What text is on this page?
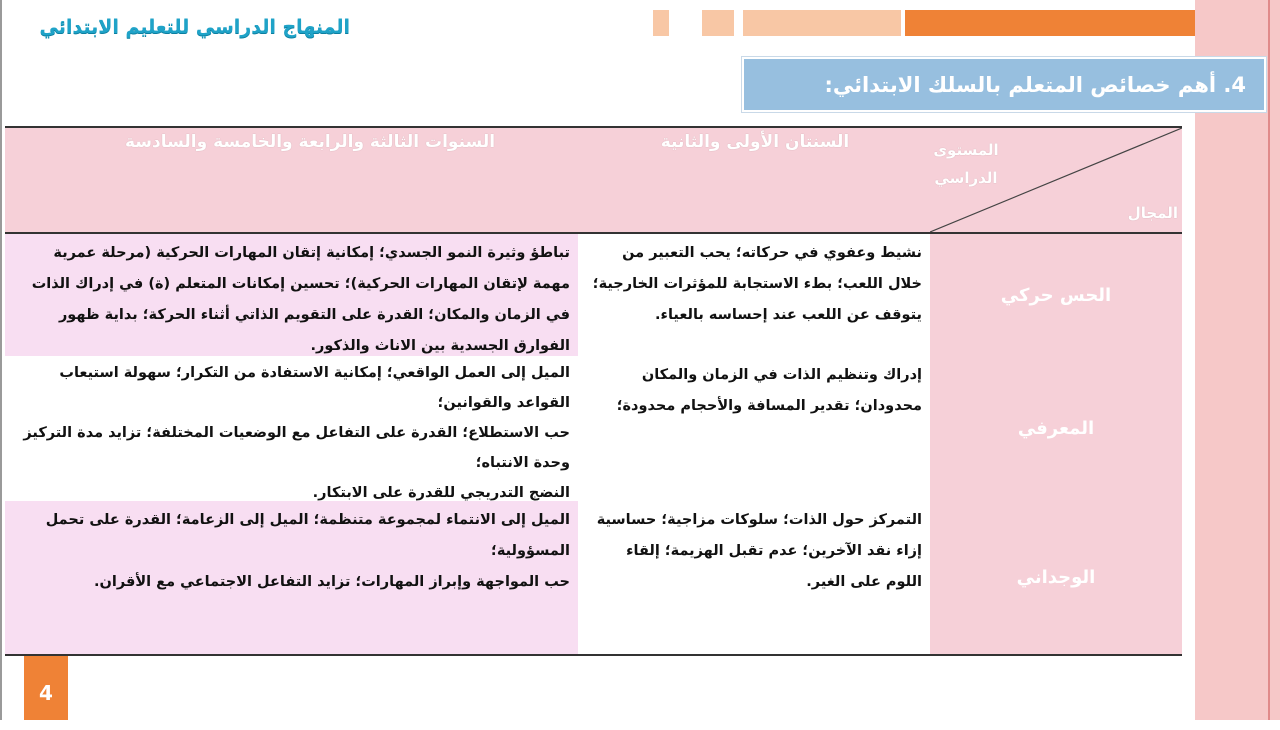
المنهاج الدراسي للتعليم الابتدائي
4. أهم خصائص المتعلم بالسلك الابتدائي:
المستوى الدراسي
المجال
السنتان الأولى والثانية
السنوات الثالثة والرابعة والخامسة والسادسة
الحس حركي
نشيط وعفوي في حركاته؛ يحب التعبير من خلال اللعب؛ بطء الاستجابة للمؤثرات الخارجية؛ يتوقف عن اللعب عند إحساسه بالعياء.
تباطؤ وثيرة النمو الجسدي؛ إمكانية إتقان المهارات الحركية (مرحلة عمرية مهمة لإتقان المهارات الحركية)؛ تحسين إمكانات المتعلم (ة) في إدراك الذات في الزمان والمكان؛ القدرة على التقويم الذاتي أثناء الحركة؛ بداية ظهور الفوارق الجسدية بين الاناث والذكور.
المعرفي
إدراك وتنظيم الذات في الزمان والمكان محدودان؛ تقدير المسافة والأحجام محدودة؛
الميل إلى العمل الواقعي؛ إمكانية الاستفادة من التكرار؛ سهولة استيعاب القواعد والقوانين؛
حب الاستطلاع؛ القدرة على التفاعل مع الوضعيات المختلفة؛ تزايد مدة التركيز وحدة الانتباه؛
النضج التدريجي للقدرة على الابتكار.
الوجداني
التمركز حول الذات؛ سلوكات مزاجية؛ حساسية إزاء نقد الآخرين؛ عدم تقبل الهزيمة؛ إلقاء اللوم على الغير.
الميل إلى الانتماء لمجموعة متنظمة؛ الميل إلى الزعامة؛ القدرة على تحمل المسؤولية؛
حب المواجهة وإبراز المهارات؛ تزايد التفاعل الاجتماعي مع الأقران.
4
